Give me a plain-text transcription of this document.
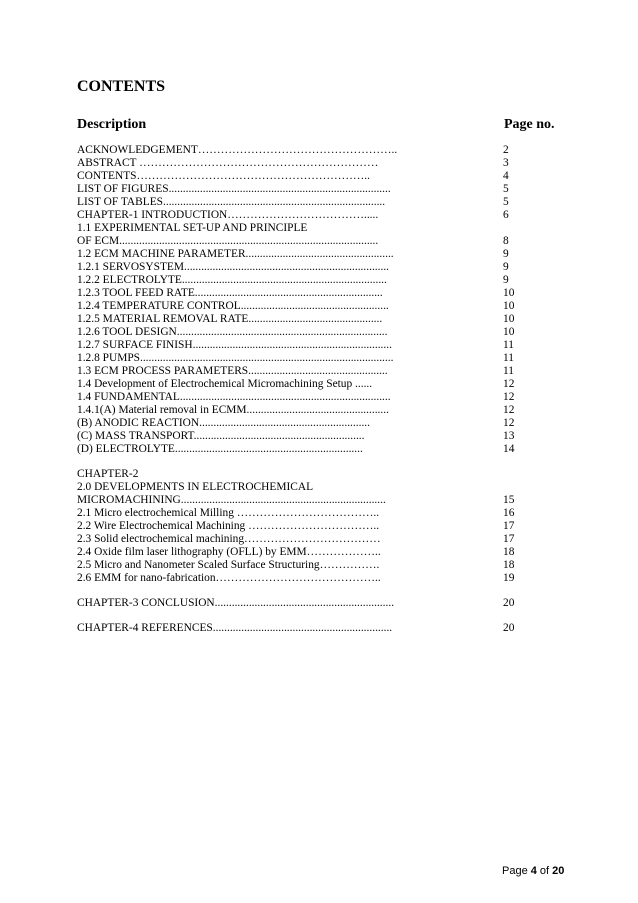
CONTENTS
Description	Page no.
ACKNOWLEDGEMENT……………………………………………..	2
ABSTRACT ………………………………………………………	3
CONTENTS……………………………………………………..	4
LIST OF FIGURES..............................................................................	5
LIST OF TABLES..............................................................................	5
CHAPTER-1 INTRODUCTION……………………………….....	6
1.1 EXPERIMENTAL SET-UP AND PRINCIPLE
OF ECM...........................................................................................	8
1.2 ECM MACHINE PARAMETER....................................................	9
1.2.1 SERVOSYSTEM........................................................................	9
1.2.2 ELECTROLYTE........................................................................	9
1.2.3 TOOL FEED RATE..................................................................	10
1.2.4 TEMPERATURE CONTROL....................................................	10
1.2.5 MATERIAL REMOVAL RATE...............................................	10
1.2.6 TOOL DESIGN..........................................................................	10
1.2.7 SURFACE FINISH......................................................................	11
1.2.8 PUMPS.........................................................................................	11
1.3 ECM PROCESS PARAMETERS.................................................	11
1.4 Development of Electrochemical Micromachining Setup ......	12
1.4 FUNDAMENTAL..........................................................................	12
1.4.1(A) Material removal in ECMM..................................................	12
(B) ANODIC REACTION............................................................	12
(C) MASS TRANSPORT............................................................	13
(D) ELECTROLYTE..................................................................	14
CHAPTER-2
2.0 DEVELOPMENTS IN ELECTROCHEMICAL
MICROMACHINING........................................................................	15
2.1 Micro electrochemical Milling ………………………………..	16
2.2 Wire Electrochemical Machining ……………………………..	17
2.3 Solid electrochemical machining………………………………	17
2.4 Oxide film laser lithography (OFLL) by EMM………………..	18
2.5 Micro and Nanometer Scaled Surface Structuring…………….	18
2.6 EMM for nano-fabrication……………………………………..	19
CHAPTER-3 CONCLUSION...............................................................	20
CHAPTER-4 REFERENCES...............................................................	20
Page 4 of 20
